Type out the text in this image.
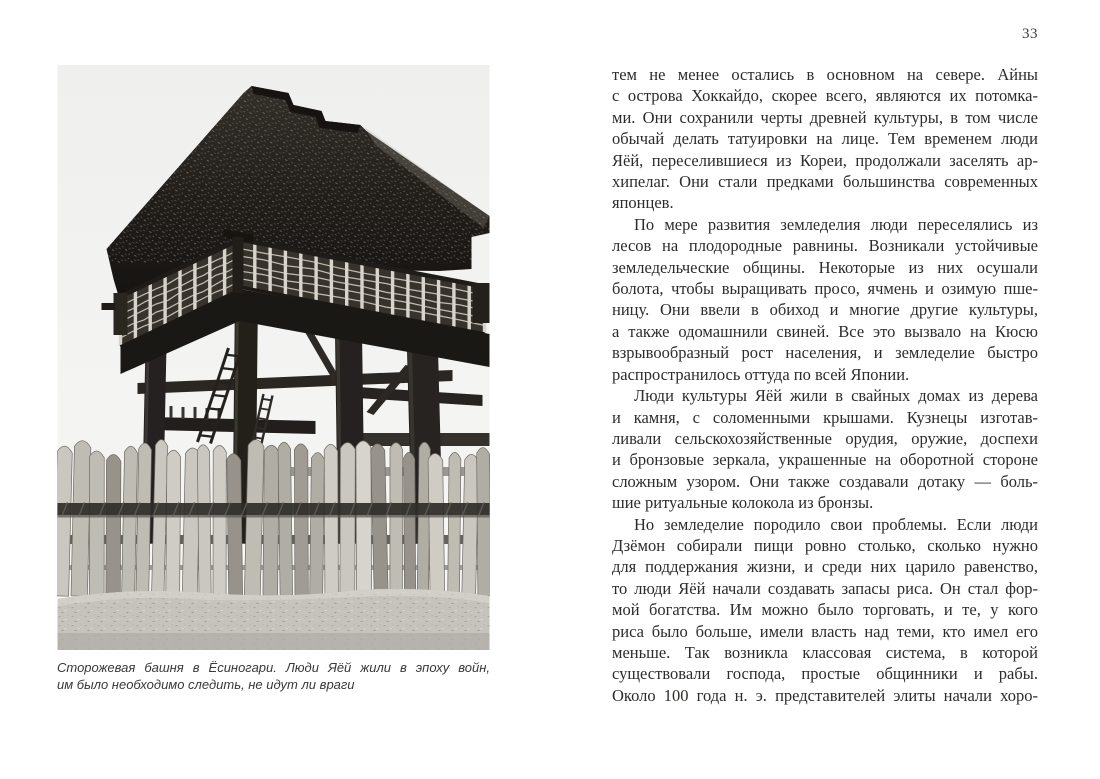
33
Сторожевая башня в Ёсиногари. Люди Яёй жили в эпоху войн,
им было необходимо следить, не идут ли враги
тем не менее остались в основном на севере. Айны
с острова Хоккайдо, скорее всего, являются их потомка-
ми. Они сохранили черты древней культуры, в том числе
обычай делать татуировки на лице. Тем временем люди
Яёй, переселившиеся из Кореи, продолжали заселять ар-
хипелаг. Они стали предками большинства современных
японцев.
По мере развития земледелия люди переселялись из
лесов на плодородные равнины. Возникали устойчивые
земледельческие общины. Некоторые из них осушали
болота, чтобы выращивать просо, ячмень и озимую пше-
ницу. Они ввели в обиход и многие другие культуры,
а также одомашнили свиней. Все это вызвало на Кюсю
взрывообразный рост населения, и земледелие быстро
распространилось оттуда по всей Японии.
Люди культуры Яёй жили в свайных домах из дерева
и камня, с соломенными крышами. Кузнецы изготав-
ливали сельскохозяйственные орудия, оружие, доспехи
и бронзовые зеркала, украшенные на оборотной стороне
сложным узором. Они также создавали дотаку — боль-
шие ритуальные колокола из бронзы.
Но земледелие породило свои проблемы. Если люди
Дзёмон собирали пищи ровно столько, сколько нужно
для поддержания жизни, и среди них царило равенство,
то люди Яёй начали создавать запасы риса. Он стал фор-
мой богатства. Им можно было торговать, и те, у кого
риса было больше, имели власть над теми, кто имел его
меньше. Так возникла классовая система, в которой
существовали господа, простые общинники и рабы.
Около 100 года н. э. представителей элиты начали хоро-
